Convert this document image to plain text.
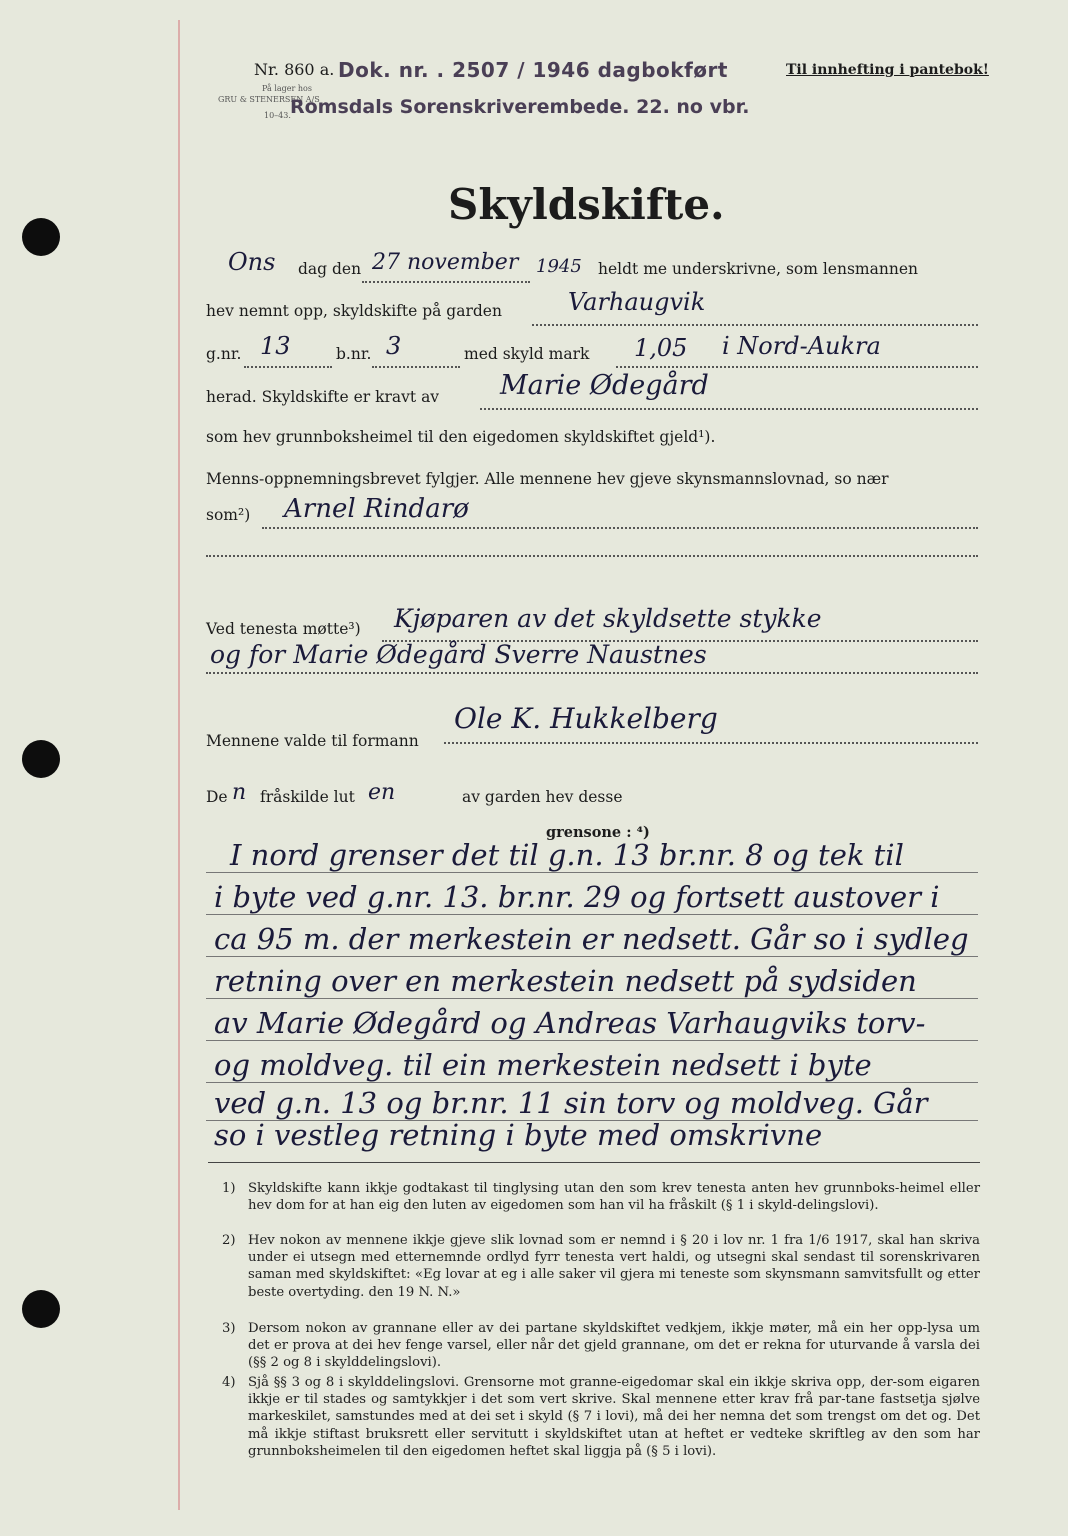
Nr. 860 a.
På lager hos
GRU & STENERSEN A/S
10–43.
Dok. nr. . 2507 / 1946 dagbokført
Romsdals Sorenskriverembede. 22. no vbr.
Til innhefting i pantebok!
Skyldskifte.
Ons dag den 27 november 1945 heldt me underskrivne, som lensmannen
hev nemnt opp, skyldskifte på garden	Varhaugvik
g.nr. 13	b.nr. 3	med skyld mark 1,05 i Nord-Aukra
herad. Skyldskifte er kravt av Marie Ødegård
som hev grunnboksheimel til den eigedomen skyldskiftet gjeld¹).
Menns-oppnemningsbrevet fylgjer. Alle mennene hev gjeve skynsmannslovnad, so nær
som²) Arnel Rindarø
Ved tenesta møtte³) Kjøparen av det skyldsette stykke
og for Marie Ødegård Sverre Naustnes
Mennene valde til formann
Ole K. Hukkelberg
De n fråskilde lut en	av garden hev desse
grensone : ⁴)
I nord grenser det til g.n. 13 br.nr. 8 og tek til
i byte ved g.nr. 13. br.nr. 29 og fortsett austover i
ca 95 m. der merkestein er nedsett. Går so i sydleg
retning over en merkestein nedsett på sydsiden
av Marie Ødegård og Andreas Varhaugviks torv-
og moldveg. til ein merkestein nedsett i byte
ved g.n. 13 og br.nr. 11 sin torv og moldveg. Går
so i vestleg retning i byte med omskrivne
1) Skyldskifte kann ikkje godtakast til tinglysing utan den som krev tenesta anten hev grunnboks-heimel eller hev dom for at han eig den luten av eigedomen som han vil ha fråskilt (§ 1 i skyld-delingslovi).
2) Hev nokon av mennene ikkje gjeve slik lovnad som er nemnd i § 20 i lov nr. 1 fra 1/6 1917, skal han skriva under ei utsegn med etternemnde ordlyd fyrr tenesta vert haldi, og utsegni skal sendast til sorenskrivaren saman med skyldskiftet: «Eg lovar at eg i alle saker vil gjera mi teneste som skynsmann samvitsfullt og etter beste overtyding. den 19 N. N.»
3) Dersom nokon av grannane eller av dei partane skyldskiftet vedkjem, ikkje møter, må ein her opp-lysa um det er prova at dei hev fenge varsel, eller når det gjeld grannane, om det er rekna for uturvande å varsla dei (§§ 2 og 8 i skylddelingslovi).
4) Sjå §§ 3 og 8 i skylddelingslovi. Grensorne mot granne-eigedomar skal ein ikkje skriva opp, der-som eigaren ikkje er til stades og samtykkjer i det som vert skrive. Skal mennene etter krav frå par-tane fastsetja sjølve markeskilet, samstundes med at dei set i skyld (§ 7 i lovi), må dei her nemna det som trengst om det og. Det må ikkje stiftast bruksrett eller servitutt i skyldskiftet utan at heftet er vedteke skriftleg av den som har grunnboksheimelen til den eigedomen heftet skal liggja på (§ 5 i lovi).
